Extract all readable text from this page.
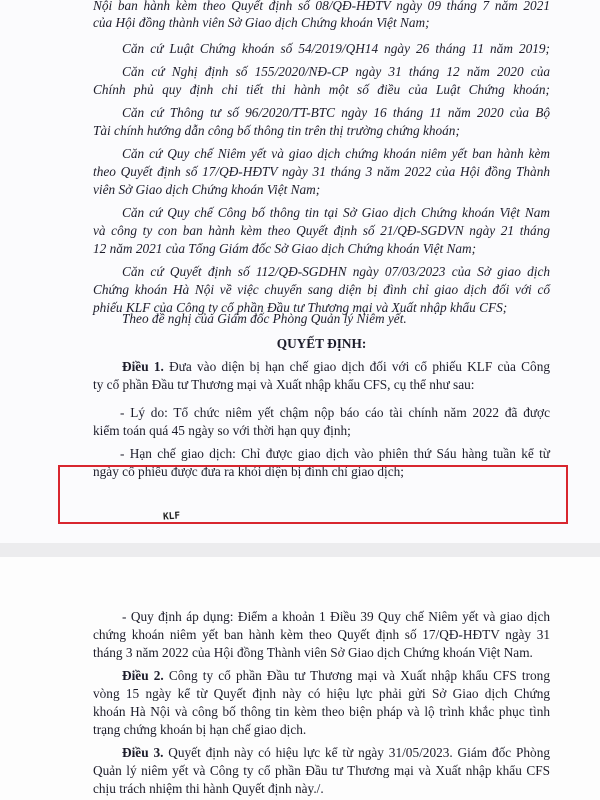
Nội ban hành kèm theo Quyết định số 08/QĐ-HĐTV ngày 09 tháng 7 năm 2021
của Hội đồng thành viên Sở Giao dịch Chứng khoán Việt Nam;
Căn cứ Luật Chứng khoán số 54/2019/QH14 ngày 26 tháng 11 năm 2019;
Căn cứ Nghị định số 155/2020/NĐ-CP ngày 31 tháng 12 năm 2020 của
Chính phủ quy định chi tiết thi hành một số điều của Luật Chứng khoán;
Căn cứ Thông tư số 96/2020/TT-BTC ngày 16 tháng 11 năm 2020 của Bộ
Tài chính hướng dẫn công bố thông tin trên thị trường chứng khoán;
Căn cứ Quy chế Niêm yết và giao dịch chứng khoán niêm yết ban hành kèm
theo Quyết định số 17/QĐ-HĐTV ngày 31 tháng 3 năm 2022 của Hội đồng Thành
viên Sở Giao dịch Chứng khoán Việt Nam;
Căn cứ Quy chế Công bố thông tin tại Sở Giao dịch Chứng khoán Việt Nam
và công ty con ban hành kèm theo Quyết định số 21/QĐ-SGDVN ngày 21 tháng
12 năm 2021 của Tổng Giám đốc Sở Giao dịch Chứng khoán Việt Nam;
Căn cứ Quyết định số 112/QĐ-SGDHN ngày 07/03/2023 của Sở giao dịch
Chứng khoán Hà Nội về việc chuyển sang diện bị đình chỉ giao dịch đối với cổ
phiếu KLF của Công ty cổ phần Đầu tư Thương mại và Xuất nhập khẩu CFS;
Theo đề nghị của Giám đốc Phòng Quản lý Niêm yết.
QUYẾT ĐỊNH:
Điều 1. Đưa vào diện bị hạn chế giao dịch đối với cổ phiếu KLF của Công
ty cổ phần Đầu tư Thương mại và Xuất nhập khẩu CFS, cụ thể như sau:
- Lý do: Tổ chức niêm yết chậm nộp báo cáo tài chính năm 2022 đã được
kiểm toán quá 45 ngày so với thời hạn quy định;
- Hạn chế giao dịch: Chỉ được giao dịch vào phiên thứ Sáu hàng tuần kể từ
ngày cổ phiếu được đưa ra khỏi diện bị đình chỉ giao dịch;
KLF
- Quy định áp dụng: Điểm a khoản 1 Điều 39 Quy chế Niêm yết và giao dịch
chứng khoán niêm yết ban hành kèm theo Quyết định số 17/QĐ-HĐTV ngày 31
tháng 3 năm 2022 của Hội đồng Thành viên Sở Giao dịch Chứng khoán Việt Nam.
Điều 2. Công ty cổ phần Đầu tư Thương mại và Xuất nhập khẩu CFS trong
vòng 15 ngày kể từ Quyết định này có hiệu lực phải gửi Sở Giao dịch Chứng
khoán Hà Nội và công bố thông tin kèm theo biện pháp và lộ trình khắc phục tình
trạng chứng khoán bị hạn chế giao dịch.
Điều 3. Quyết định này có hiệu lực kể từ ngày 31/05/2023. Giám đốc Phòng
Quản lý niêm yết và Công ty cổ phần Đầu tư Thương mại và Xuất nhập khẩu CFS
chịu trách nhiệm thi hành Quyết định này./.
